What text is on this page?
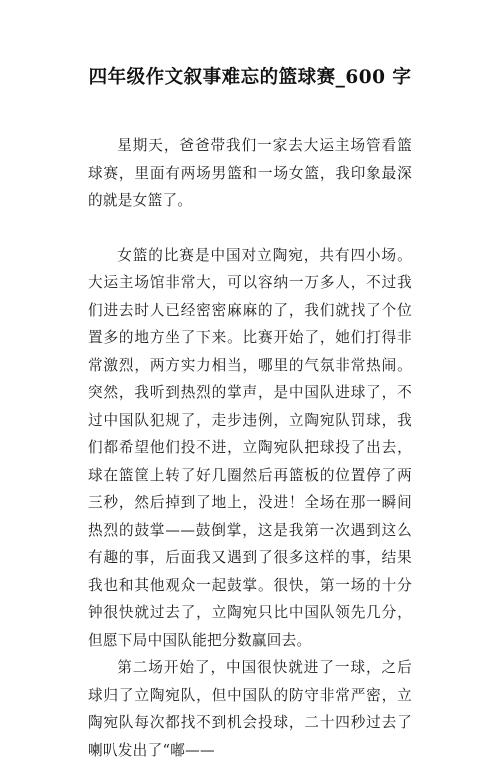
四年级作文叙事难忘的篮球赛_600 字

星期天，爸爸带我们一家去大运主场管看篮球赛，里面有两场男篮和一场女篮，我印象最深的就是女篮了。

女篮的比赛是中国对立陶宛，共有四小场。大运主场馆非常大，可以容纳一万多人，不过我们进去时人已经密密麻麻的了，我们就找了个位置多的地方坐了下来。比赛开始了，她们打得非常激烈，两方实力相当，哪里的气氛非常热闹。突然，我听到热烈的掌声，是中国队进球了，不过中国队犯规了，走步违例，立陶宛队罚球，我们都希望他们投不进，立陶宛队把球投了出去，球在篮筐上转了好几圈然后再篮板的位置停了两三秒，然后掉到了地上，没进！全场在那一瞬间热烈的鼓掌——鼓倒掌，这是我第一次遇到这么有趣的事，后面我又遇到了很多这样的事，结果我也和其他观众一起鼓掌。很快，第一场的十分钟很快就过去了，立陶宛只比中国队领先几分，但愿下局中国队能把分数赢回去。

第二场开始了，中国很快就进了一球，之后球归了立陶宛队，但中国队的防守非常严密，立陶宛队每次都找不到机会投球，二十四秒过去了喇叭发出了“嘟——
